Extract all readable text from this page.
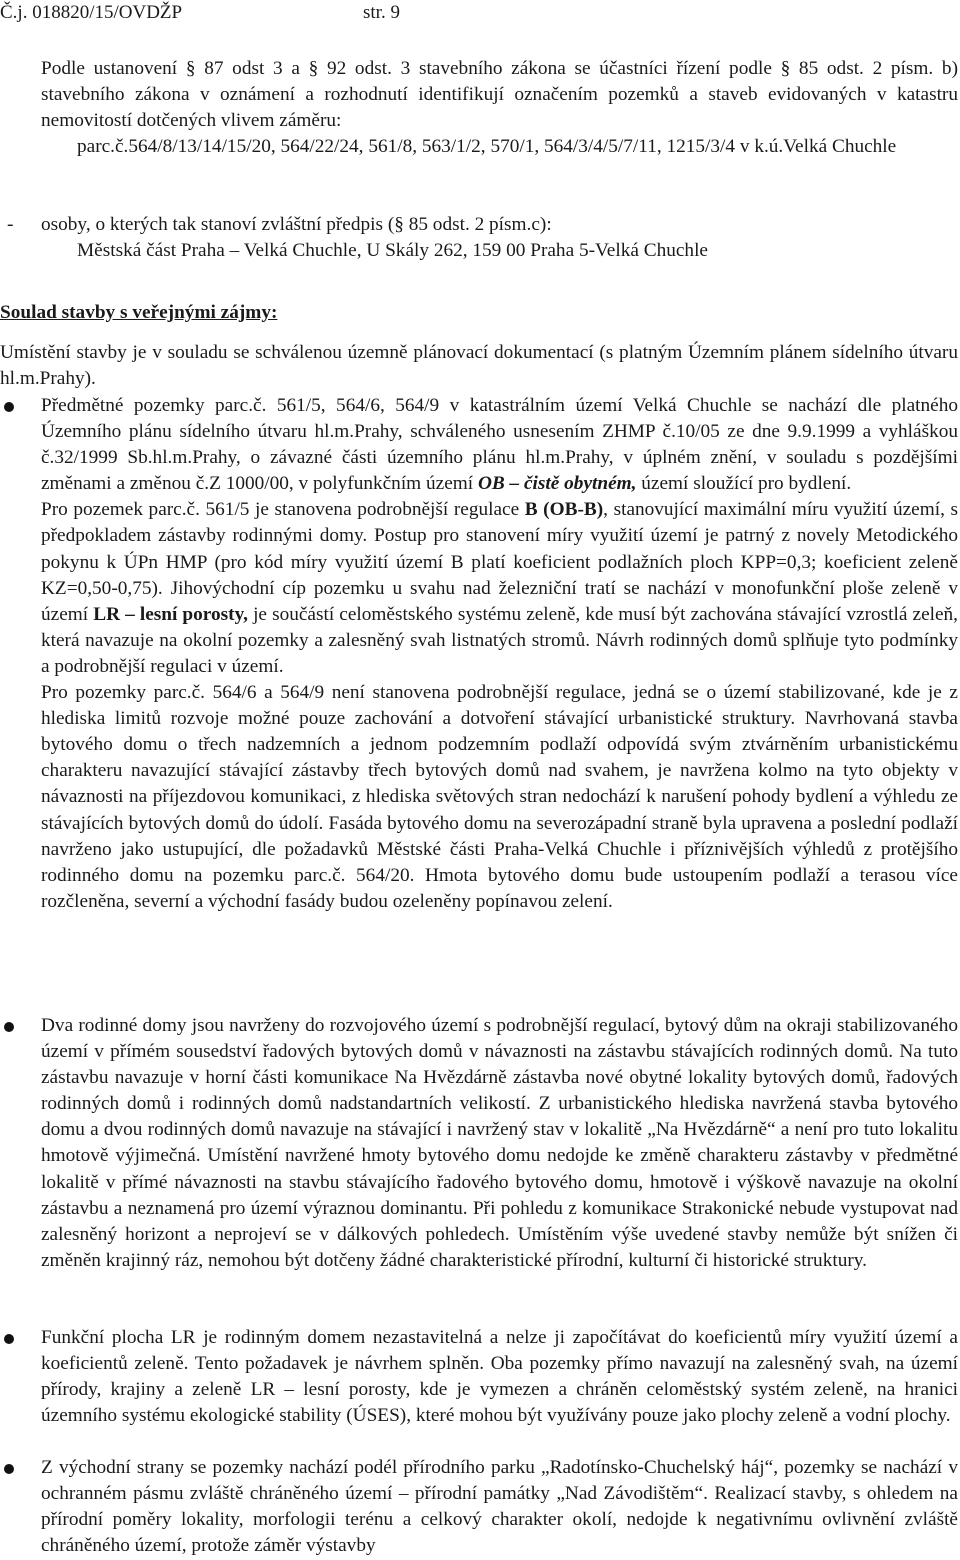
Č.j. 018820/15/OVDŽP	str. 9

Podle ustanovení § 87 odst 3 a § 92 odst. 3 stavebního zákona se účastníci řízení podle § 85 odst. 2 písm. b) stavebního zákona v oznámení a rozhodnutí identifikují označením pozemků a staveb evidovaných v katastru nemovitostí dotčených vlivem záměru:

parc.č.564/8/13/14/15/20, 564/22/24, 561/8, 563/1/2, 570/1, 564/3/4/5/7/11, 1215/3/4 v k.ú.Velká Chuchle

- osoby, o kterých tak stanoví zvláštní předpis (§ 85 odst. 2 písm.c):

Městská část Praha – Velká Chuchle, U Skály 262, 159 00 Praha 5-Velká Chuchle

Soulad stavby s veřejnými zájmy:

Umístění stavby je v souladu se schválenou územně plánovací dokumentací (s platným Územním plánem sídelního útvaru hl.m.Prahy).

Předmětné pozemky parc.č. 561/5, 564/6, 564/9 v katastrálním území Velká Chuchle se nachází dle platného Územního plánu sídelního útvaru hl.m.Prahy, schváleného usnesením ZHMP č.10/05 ze dne 9.9.1999 a vyhláškou č.32/1999 Sb.hl.m.Prahy, o závazné části územního plánu hl.m.Prahy, v úplném znění, v souladu s pozdějšími změnami a změnou č.Z 1000/00, v polyfunkčním území OB – čistě obytném, území sloužící pro bydlení.

Pro pozemek parc.č. 561/5 je stanovena podrobnější regulace B (OB-B), stanovující maximální míru využití území, s předpokladem zástavby rodinnými domy. Postup pro stanovení míry využití území je patrný z novely Metodického pokynu k ÚPn HMP (pro kód míry využití území B platí koeficient podlažních ploch KPP=0,3; koeficient zeleně KZ=0,50-0,75). Jihovýchodní cíp pozemku u svahu nad železniční tratí se nachází v monofunkční ploše zeleně v území LR – lesní porosty, je součástí celoměstského systému zeleně, kde musí být zachována stávající vzrostlá zeleň, která navazuje na okolní pozemky a zalesněný svah listnatých stromů. Návrh rodinných domů splňuje tyto podmínky a podrobnější regulaci v území.

Pro pozemky parc.č. 564/6 a 564/9 není stanovena podrobnější regulace, jedná se o území stabilizované, kde je z hlediska limitů rozvoje možné pouze zachování a dotvoření stávající urbanistické struktury. Navrhovaná stavba bytového domu o třech nadzemních a jednom podzemním podlaží odpovídá svým ztvárněním urbanistickému charakteru navazující stávající zástavby třech bytových domů nad svahem, je navržena kolmo na tyto objekty v návaznosti na příjezdovou komunikaci, z hlediska světových stran nedochází k narušení pohody bydlení a výhledu ze stávajících bytových domů do údolí. Fasáda bytového domu na severozápadní straně byla upravena a poslední podlaží navrženo jako ustupující, dle požadavků Městské části Praha-Velká Chuchle i příznivějších výhledů z protějšího rodinného domu na pozemku parc.č. 564/20. Hmota bytového domu bude ustoupením podlaží a terasou více rozčleněna, severní a východní fasády budou ozeleněny popínavou zelení.

Dva rodinné domy jsou navrženy do rozvojového území s podrobnější regulací, bytový dům na okraji stabilizovaného území v přímém sousedství řadových bytových domů v návaznosti na zástavbu stávajících rodinných domů. Na tuto zástavbu navazuje v horní části komunikace Na Hvězdárně zástavba nové obytné lokality bytových domů, řadových rodinných domů i rodinných domů nadstandartních velikostí. Z urbanistického hlediska navržená stavba bytového domu a dvou rodinných domů navazuje na stávající i navržený stav v lokalitě „Na Hvězdárně“ a není pro tuto lokalitu hmotově výjimečná. Umístění navržené hmoty bytového domu nedojde ke změně charakteru zástavby v předmětné lokalitě v přímé návaznosti na stavbu stávajícího řadového bytového domu, hmotově i výškově navazuje na okolní zástavbu a neznamená pro území výraznou dominantu. Při pohledu z komunikace Strakonické nebude vystupovat nad zalesněný horizont a neprojeví se v dálkových pohledech. Umístěním výše uvedené stavby nemůže být snížen či změněn krajinný ráz, nemohou být dotčeny žádné charakteristické přírodní, kulturní či historické struktury.

Funkční plocha LR je rodinným domem nezastavitelná a nelze ji započítávat do koeficientů míry využití území a koeficientů zeleně. Tento požadavek je návrhem splněn. Oba pozemky přímo navazují na zalesněný svah, na území přírody, krajiny a zeleně LR – lesní porosty, kde je vymezen a chráněn celoměstský systém zeleně, na hranici územního systému ekologické stability (ÚSES), které mohou být využívány pouze jako plochy zeleně a vodní plochy.

Z východní strany se pozemky nachází podél přírodního parku „Radotínsko-Chuchelský háj“, pozemky se nachází v ochranném pásmu zvláště chráněného území – přírodní památky „Nad Závodištěm“. Realizací stavby, s ohledem na přírodní poměry lokality, morfologii terénu a celkový charakter okolí, nedojde k negativnímu ovlivnění zvláště chráněného území, protože záměr výstavby
